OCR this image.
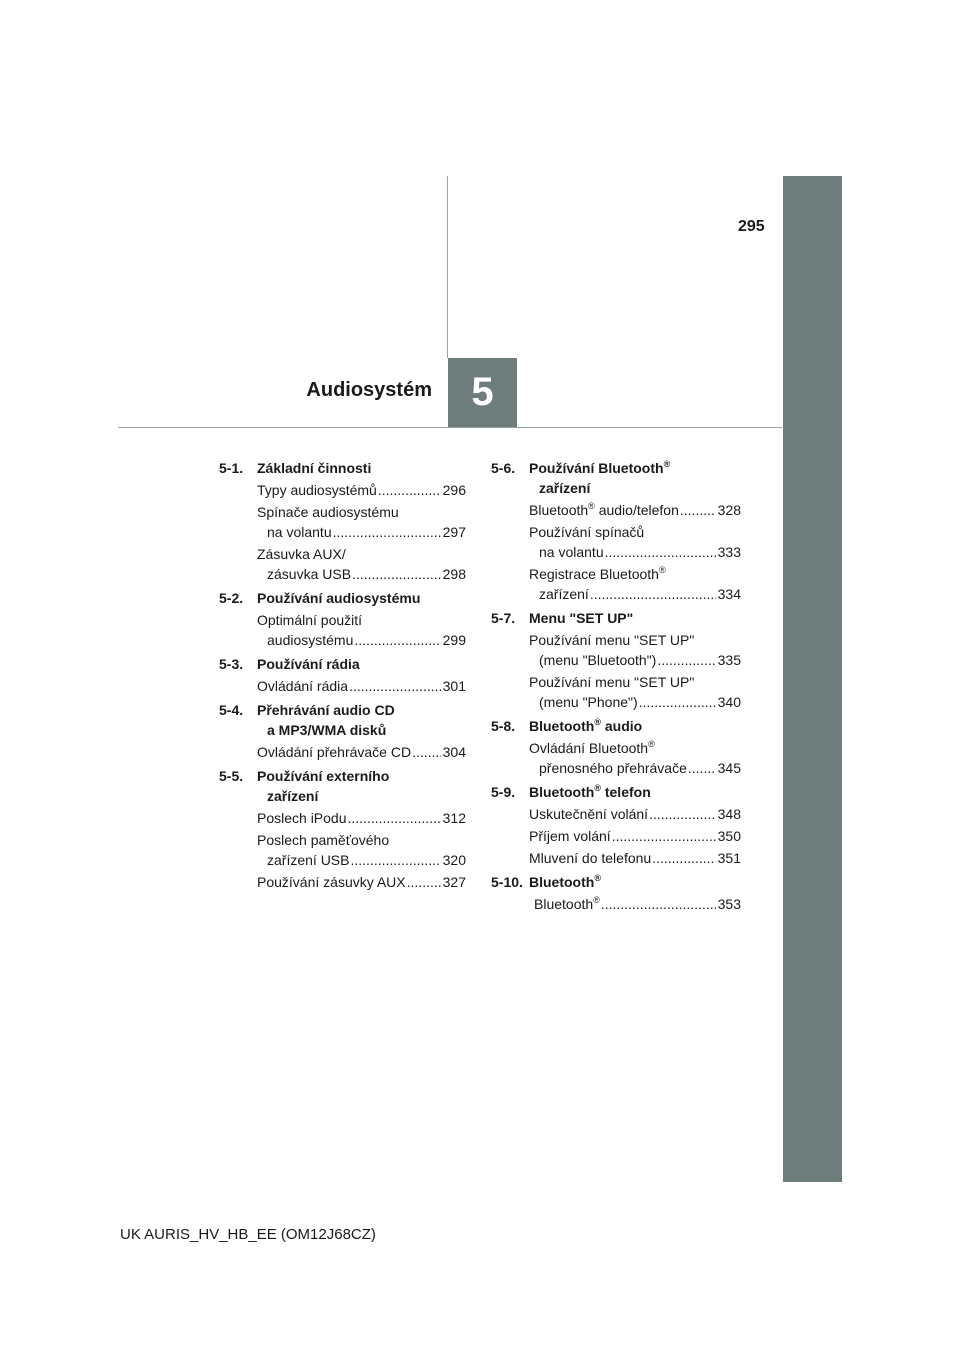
295
Audiosystém 5
5-1. Základní činnosti
Typy audiosystémů .....	296
Spínače audiosystému
na volantu .....	297
Zásuvka AUX/
zásuvka USB .....	298
5-2. Používání audiosystému
Optimální použití
audiosystému .....	299
5-3. Používání rádia
Ovládání rádia .....	301
5-4. Přehrávání audio CD
a MP3/WMA disků
Ovládání přehrávače CD ..... 304
5-5. Používání externího
zařízení
Poslech iPodu .....	312
Poslech paměťového
zařízení USB .....	320
Používání zásuvky AUX .....	327
5-6. Používání Bluetooth®
zařízení
Bluetooth® audio/telefon .....	328
Používání spínačů
na volantu .....	333
Registrace Bluetooth®
zařízení .....	334
5-7. Menu "SET UP"
Používání menu "SET UP"
(menu "Bluetooth") .....	335
Používání menu "SET UP"
(menu "Phone") .....	340
5-8. Bluetooth® audio
Ovládání Bluetooth®
přenosného přehrávače ..... 345
5-9. Bluetooth® telefon
Uskutečnění volání .....	348
Příjem volání .....	350
Mluvení do telefonu .....	351
5-10. Bluetooth®
Bluetooth® .....	353
UK AURIS_HV_HB_EE (OM12J68CZ)
